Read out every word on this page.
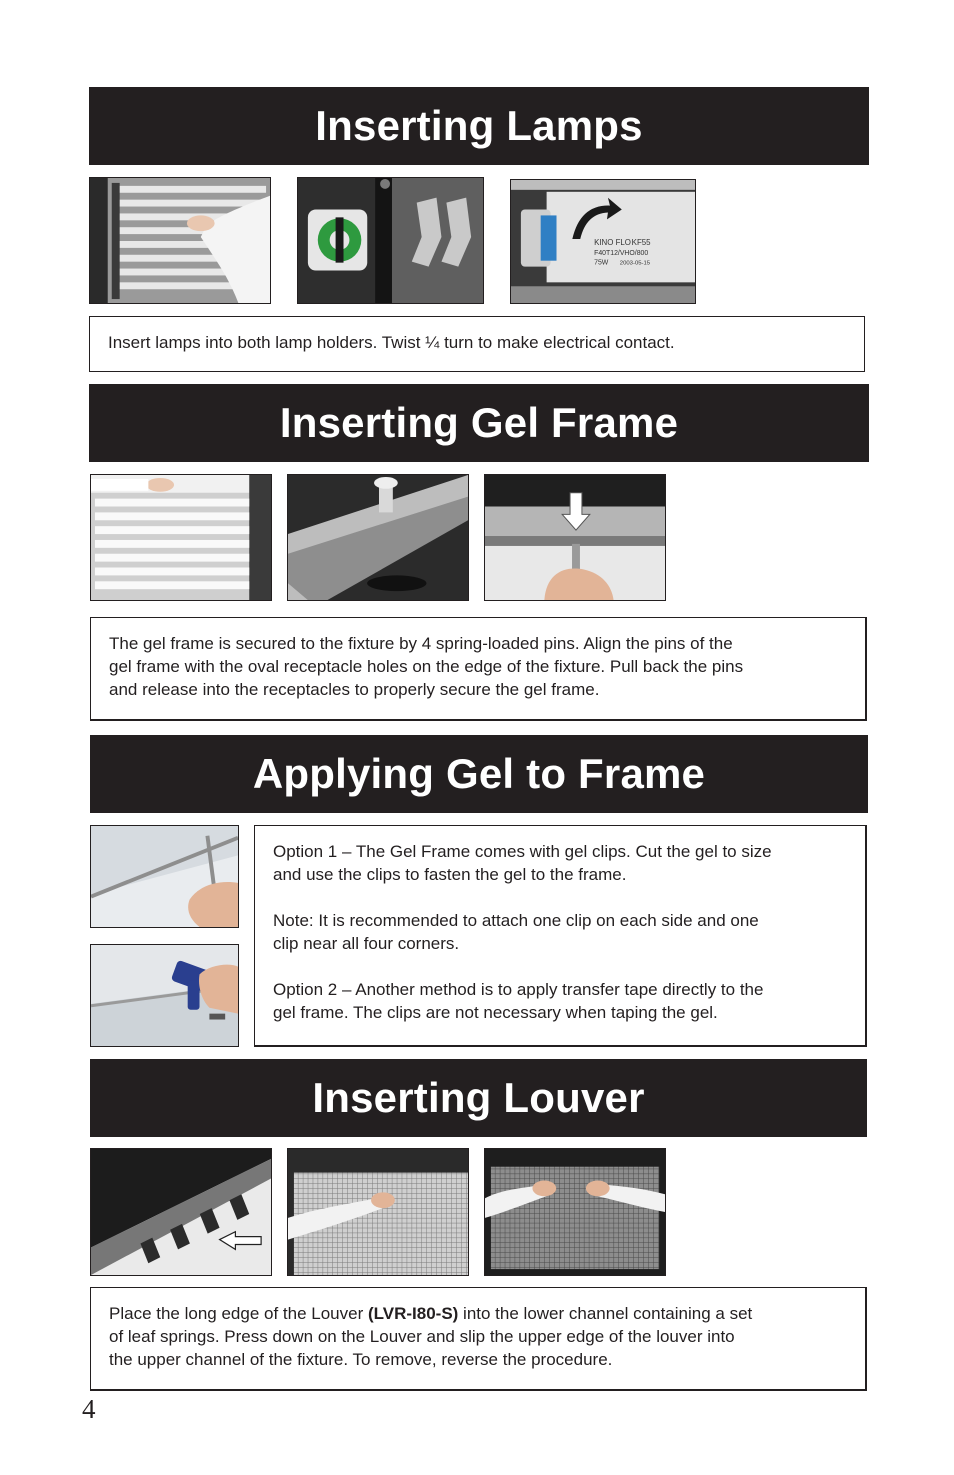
Inserting Lamps
KINO FLO KF55
F40T12/VHO/800
75W 2003-05-15

Insert lamps into both lamp holders. Twist ¼ turn to make electrical contact.

Inserting Gel Frame

The gel frame is secured to the fixture by 4 spring-loaded pins. Align the pins of the

gel frame with the oval receptacle holes on the edge of the fixture. Pull back the pins

and release into the receptacles to properly secure the gel frame.

Applying Gel to Frame

Option 1 – The Gel Frame comes with gel clips. Cut the gel to size

and use the clips to fasten the gel to the frame.

Note: It is recommended to attach one clip on each side and one

clip near all four corners.

Option 2 – Another method is to apply transfer tape directly to the

gel frame. The clips are not necessary when taping the gel.

Inserting Louver

Place the long edge of the Louver (LVR-I80-S) into the lower channel containing a set

of leaf springs. Press down on the Louver and slip the upper edge of the louver into

the upper channel of the fixture. To remove, reverse the procedure.

4
